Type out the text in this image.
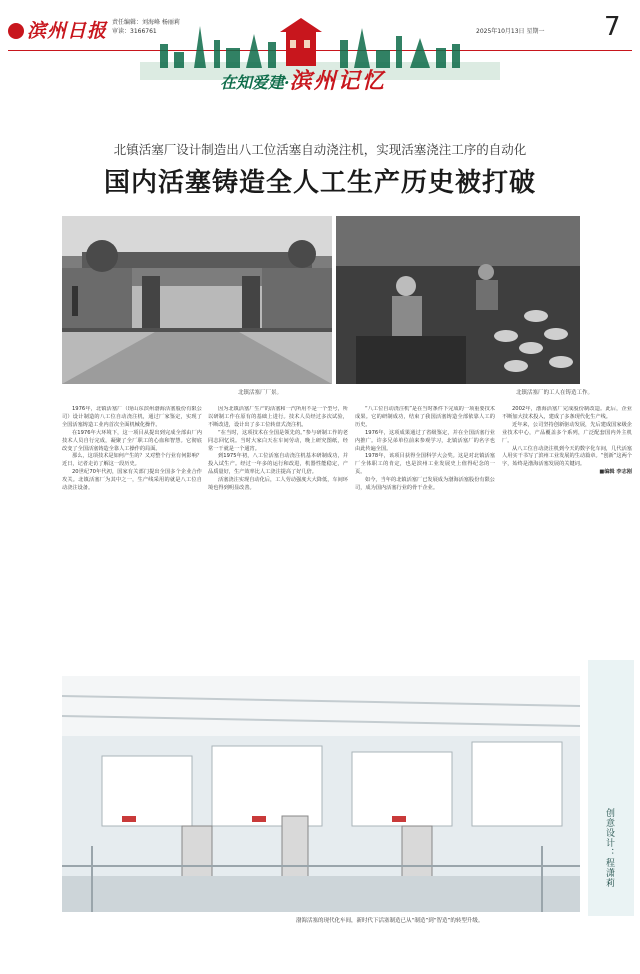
滨州日报 责任编辑：刘海峰 杨丽莉
审读：3166761	2025年10月13日 星期一 7
在知爱建·滨州记忆
北镇活塞厂设计制造出八工位活塞自动浇注机，实现活塞浇注工序的自动化
国内活塞铸造全人工生产历史被打破
北镇活塞厂厂景。	北镇活塞厂的工人在铸造工作。

1976年，北镇活塞厂（现山东滨州渤海活塞股份有限公司）设计制造的八工位自动浇注机，通过厂家鉴定，实现了全国活塞铸造工业内首次全面机械化操作。

在1976年大环境下，这一项目从提出到完成全部由厂内技术人员自行完成，凝聚了全厂职工的心血和智慧。它彻底改变了全国活塞铸造全靠人工操作的局面。

那么，这项技术是如何产生的？又对整个行业有何影响？近日，记者走访了解这一段历史。

20世纪70年代初，国家有关部门提出全国多个企业合作攻关。北镇活塞厂为其中之一，生产线采用的就是八工位自动浇注设备。

因为北镇活塞厂生产的活塞和一汽所用不是一个型号，所以研制工作在原有的基础上进行。技术人员经过多次试验，不断改进，设计出了多工位转盘式浇注机。

“在当时，这项技术在全国是领先的。”参与研制工作的老同志回忆说。当时大家白天在车间劳动，晚上研究图纸，经常一干就是一个通宵。

到1975年初，八工位活塞自动浇注机基本研制成功，并投入试生产。经过一年多的运行和改进，机器性能稳定，产品质量好，生产效率比人工浇注提高了好几倍。

活塞浇注实现自动化后，工人劳动强度大大降低，车间环境也得到明显改善。

“八工位自动浇注机”是在当时条件下完成的一项重要技术成果。它的研制成功，结束了我国活塞铸造全部依靠人工的历史。

1976年，这项成果通过了省级鉴定，并在全国活塞行业内推广。许多兄弟单位前来参观学习，北镇活塞厂的名字也由此传遍全国。

1978年，该项目获得全国科学大会奖。这是对北镇活塞厂全体职工的肯定，也是滨州工业发展史上值得纪念的一页。

如今，当年的北镇活塞厂已发展成为渤海活塞股份有限公司，成为国内活塞行业的骨干企业。

2002年，渤海活塞厂完成股份制改造。此后，企业不断加大技术投入，建成了多条现代化生产线。

近年来，公司坚持创新驱动发展，先后建成国家级企业技术中心，产品覆盖多个系列，广泛配套国内外主机厂。

从八工位自动浇注机到今天的数字化车间，几代活塞人用实干书写了滨州工业发展的生动篇章。“创新”这两个字，始终是渤海活塞发展的关键词。

■编辑 李志刚

渤海活塞的现代化车间，新时代下活塞制造已从“制造”到“智造”的转型升级。
创意设计：程潇莉
